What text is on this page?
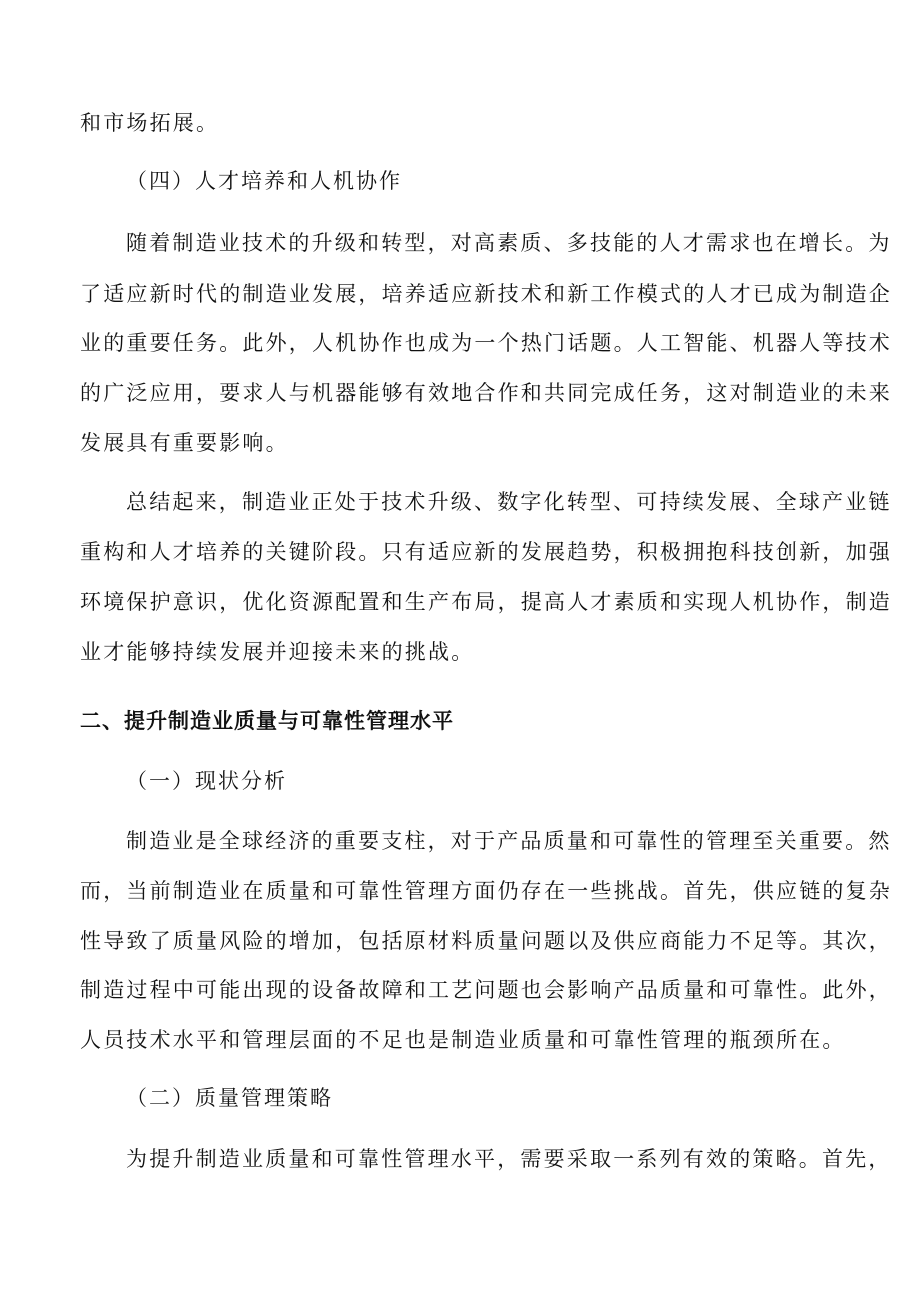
和市场拓展。
（四）人才培养和人机协作
随着制造业技术的升级和转型，对高素质、多技能的人才需求也在增长。为
了适应新时代的制造业发展，培养适应新技术和新工作模式的人才已成为制造企
业的重要任务。此外，人机协作也成为一个热门话题。人工智能、机器人等技术
的广泛应用，要求人与机器能够有效地合作和共同完成任务，这对制造业的未来
发展具有重要影响。
总结起来，制造业正处于技术升级、数字化转型、可持续发展、全球产业链
重构和人才培养的关键阶段。只有适应新的发展趋势，积极拥抱科技创新，加强
环境保护意识，优化资源配置和生产布局，提高人才素质和实现人机协作，制造
业才能够持续发展并迎接未来的挑战。
二、提升制造业质量与可靠性管理水平
（一）现状分析
制造业是全球经济的重要支柱，对于产品质量和可靠性的管理至关重要。然
而，当前制造业在质量和可靠性管理方面仍存在一些挑战。首先，供应链的复杂
性导致了质量风险的增加，包括原材料质量问题以及供应商能力不足等。其次，
制造过程中可能出现的设备故障和工艺问题也会影响产品质量和可靠性。此外，
人员技术水平和管理层面的不足也是制造业质量和可靠性管理的瓶颈所在。
（二）质量管理策略
为提升制造业质量和可靠性管理水平，需要采取一系列有效的策略。首先，
